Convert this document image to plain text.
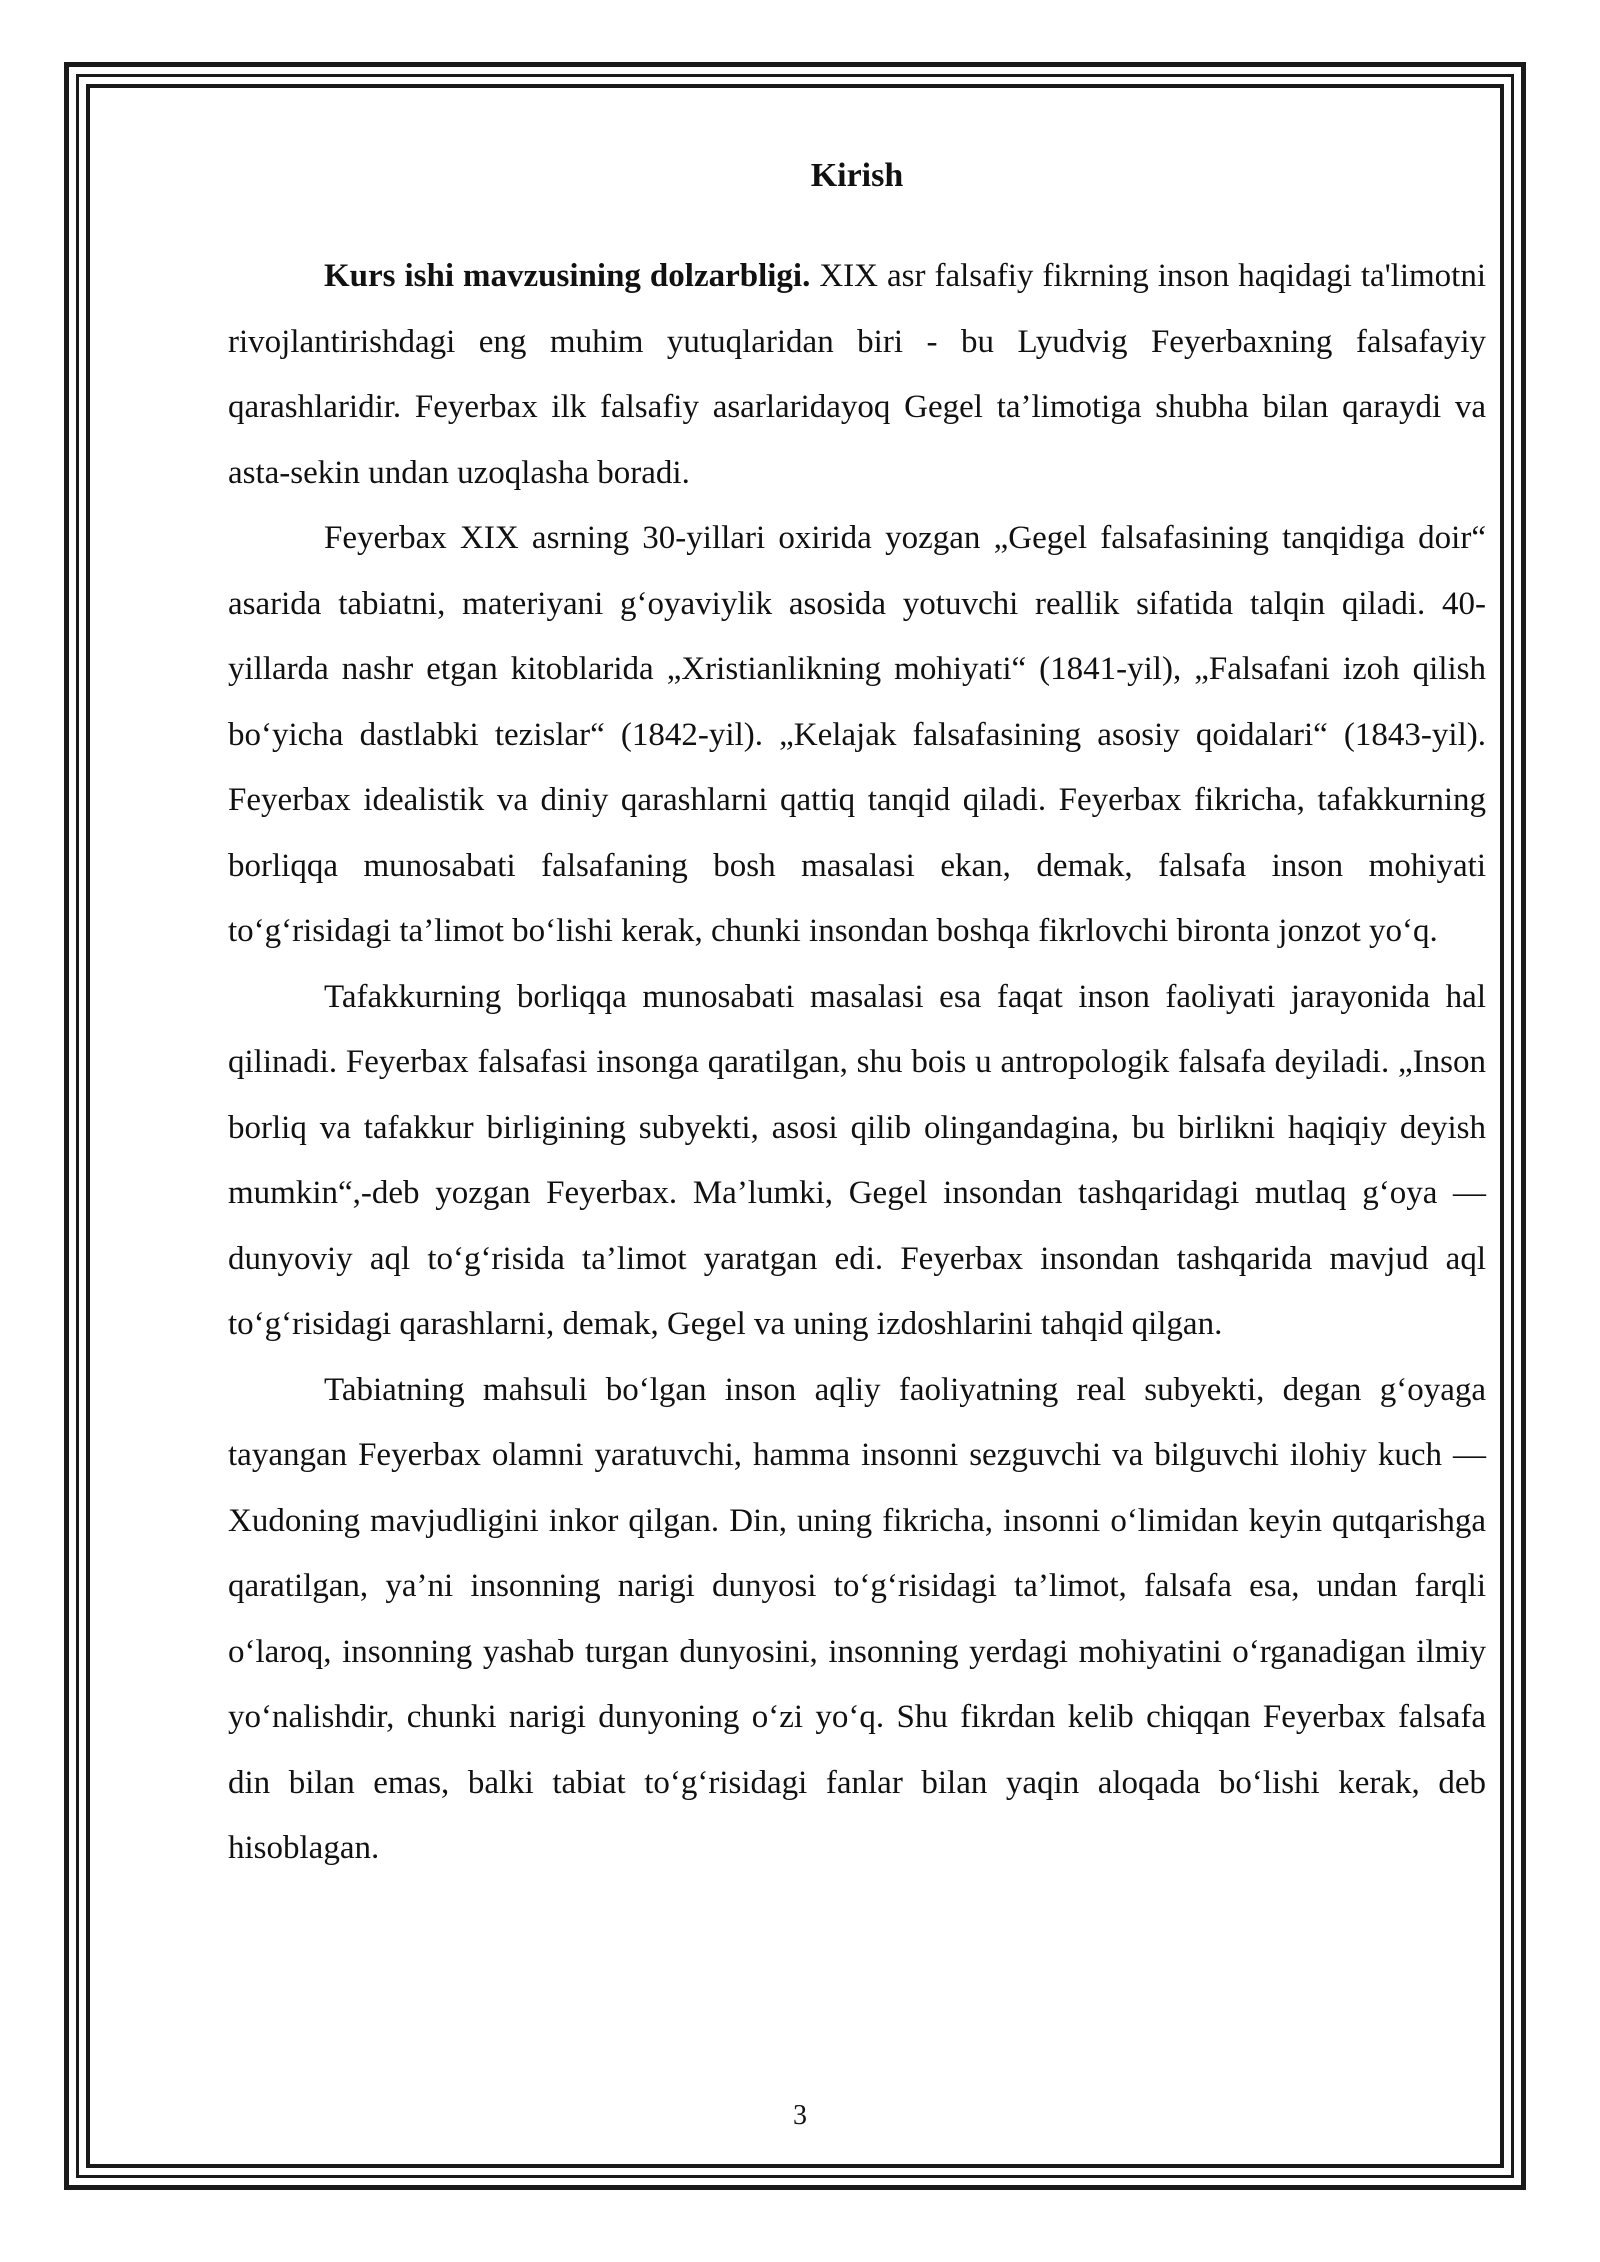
Kirish

Kurs ishi mavzusining dolzarbligi. XIX asr falsafiy fikrning inson haqidagi ta'limotni rivojlantirishdagi eng muhim yutuqlaridan biri - bu Lyudvig Feyerbaxning falsafayiy qarashlaridir. Feyerbax ilk falsafiy asarlaridayoq Gegel ta’limotiga shubha bilan qaraydi va asta-sekin undan uzoqlasha boradi.

Feyerbax XIX asrning 30-yillari oxirida yozgan „Gegel falsafasining tanqidiga doir“ asarida tabiatni, materiyani g‘oyaviylik asosida yotuvchi reallik sifatida talqin qiladi. 40-yillarda nashr etgan kitoblarida „Xristianlikning mohiyati“ (1841-yil), „Falsafani izoh qilish bo‘yicha dastlabki tezislar“ (1842-yil). „Kelajak falsafasining asosiy qoidalari“ (1843-yil). Feyerbax idealistik va diniy qarashlarni qattiq tanqid qiladi. Feyerbax fikricha, tafakkurning borliqqa munosabati falsafaning bosh masalasi ekan, demak, falsafa inson mohiyati to‘g‘risidagi ta’limot bo‘lishi kerak, chunki insondan boshqa fikrlovchi bironta jonzot yo‘q.

Tafakkurning borliqqa munosabati masalasi esa faqat inson faoliyati jarayonida hal qilinadi. Feyerbax falsafasi insonga qaratilgan, shu bois u antropologik falsafa deyiladi. „Inson borliq va tafakkur birligining subyekti, asosi qilib olingandagina, bu birlikni haqiqiy deyish mumkin“,-deb yozgan Feyerbax. Ma’lumki, Gegel insondan tashqaridagi mutlaq g‘oya — dunyoviy aql to‘g‘risida ta’limot yaratgan edi. Feyerbax insondan tashqarida mavjud aql to‘g‘risidagi qarashlarni, demak, Gegel va uning izdoshlarini tahqid qilgan.

Tabiatning mahsuli bo‘lgan inson aqliy faoliyatning real subyekti, degan g‘oyaga tayangan Feyerbax olamni yaratuvchi, hamma insonni sezguvchi va bilguvchi ilohiy kuch — Xudoning mavjudligini inkor qilgan. Din, uning fikricha, insonni o‘limidan keyin qutqarishga qaratilgan, ya’ni insonning narigi dunyosi to‘g‘risidagi ta’limot, falsafa esa, undan farqli o‘laroq, insonning yashab turgan dunyosini, insonning yerdagi mohiyatini o‘rganadigan ilmiy yo‘nalishdir, chunki narigi dunyoning o‘zi yo‘q. Shu fikrdan kelib chiqqan Feyerbax falsafa din bilan emas, balki tabiat to‘g‘risidagi fanlar bilan yaqin aloqada bo‘lishi kerak, deb hisoblagan.

3
